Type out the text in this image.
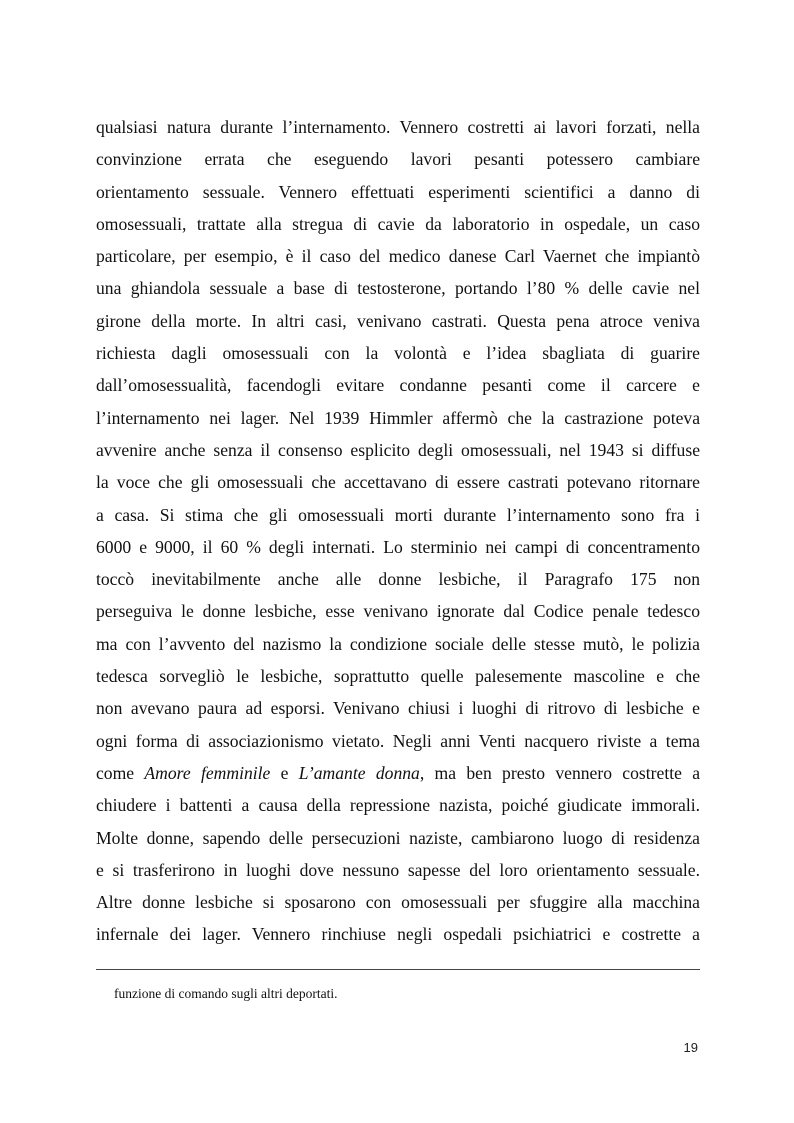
qualsiasi natura durante l’internamento. Vennero costretti ai lavori forzati, nella
convinzione errata che eseguendo lavori pesanti potessero cambiare
orientamento sessuale. Vennero effettuati esperimenti scientifici a danno di
omosessuali, trattate alla stregua di cavie da laboratorio in ospedale, un caso
particolare, per esempio, è il caso del medico danese Carl Vaernet che impiantò
una ghiandola sessuale a base di testosterone, portando l’80 % delle cavie nel
girone della morte. In altri casi, venivano castrati. Questa pena atroce veniva
richiesta dagli omosessuali con la volontà e l’idea sbagliata di guarire
dall’omosessualità, facendogli evitare condanne pesanti come il carcere e
l’internamento nei lager. Nel 1939 Himmler affermò che la castrazione poteva
avvenire anche senza il consenso esplicito degli omosessuali, nel 1943 si diffuse
la voce che gli omosessuali che accettavano di essere castrati potevano ritornare
a casa. Si stima che gli omosessuali morti durante l’internamento sono fra i
6000 e 9000, il 60 % degli internati. Lo sterminio nei campi di concentramento
toccò inevitabilmente anche alle donne lesbiche, il Paragrafo 175 non
perseguiva le donne lesbiche, esse venivano ignorate dal Codice penale tedesco
ma con l’avvento del nazismo la condizione sociale delle stesse mutò, le polizia
tedesca sorvegliò le lesbiche, soprattutto quelle palesemente mascoline e che
non avevano paura ad esporsi. Venivano chiusi i luoghi di ritrovo di lesbiche e
ogni forma di associazionismo vietato. Negli anni Venti nacquero riviste a tema
come Amore femminile e L’amante donna, ma ben presto vennero costrette a
chiudere i battenti a causa della repressione nazista, poiché giudicate immorali.
Molte donne, sapendo delle persecuzioni naziste, cambiarono luogo di residenza
e si trasferirono in luoghi dove nessuno sapesse del loro orientamento sessuale.
Altre donne lesbiche si sposarono con omosessuali per sfuggire alla macchina
infernale dei lager. Vennero rinchiuse negli ospedali psichiatrici e costrette a
funzione di comando sugli altri deportati.
19
